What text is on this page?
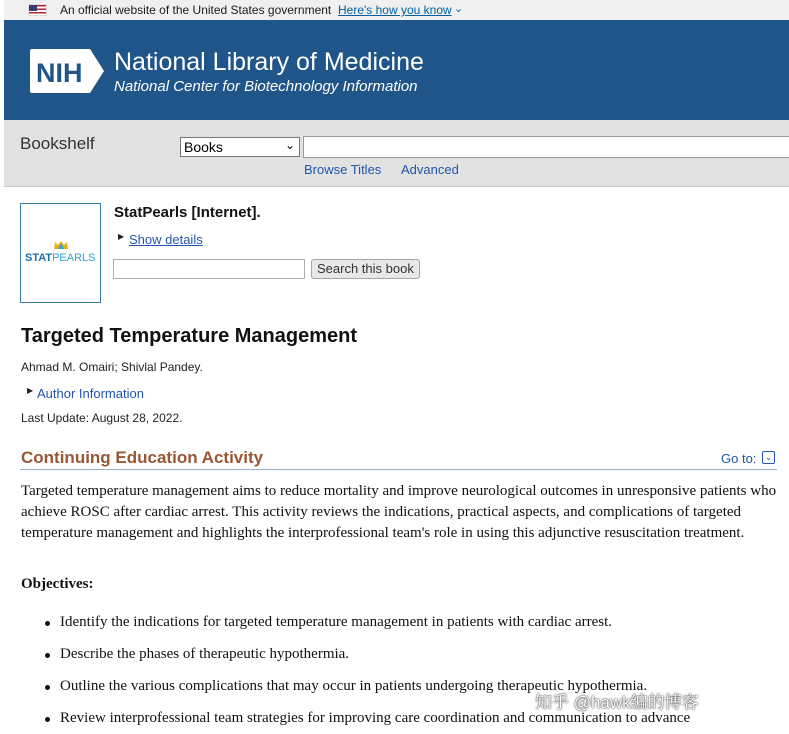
An official website of the United States government Here's how you know ⌄
NIH National Library of Medicine
National Center for Biotechnology Information
Bookshelf	Books	⌄
Browse Titles Advanced
STATPEARLS
StatPearls [Internet].
▶ Show details
Search this book
Targeted Temperature Management
Ahmad M. Omairi; Shivlal Pandey.
▶ Author Information
Last Update: August 28, 2022.
Continuing Education Activity	Go to: ⌄

Targeted temperature management aims to reduce mortality and improve neurological outcomes in unresponsive patients who achieve ROSC after cardiac arrest. This activity reviews the indications, practical aspects, and complications of targeted temperature management and highlights the interprofessional team's role in using this adjunctive resuscitation treatment.

Objectives:
Identify the indications for targeted temperature management in patients with cardiac arrest.
Describe the phases of therapeutic hypothermia.
Outline the various complications that may occur in patients undergoing therapeutic hypothermia.
Review interprofessional team strategies for improving care coordination and communication to advance
知乎 @hawk编的博客
